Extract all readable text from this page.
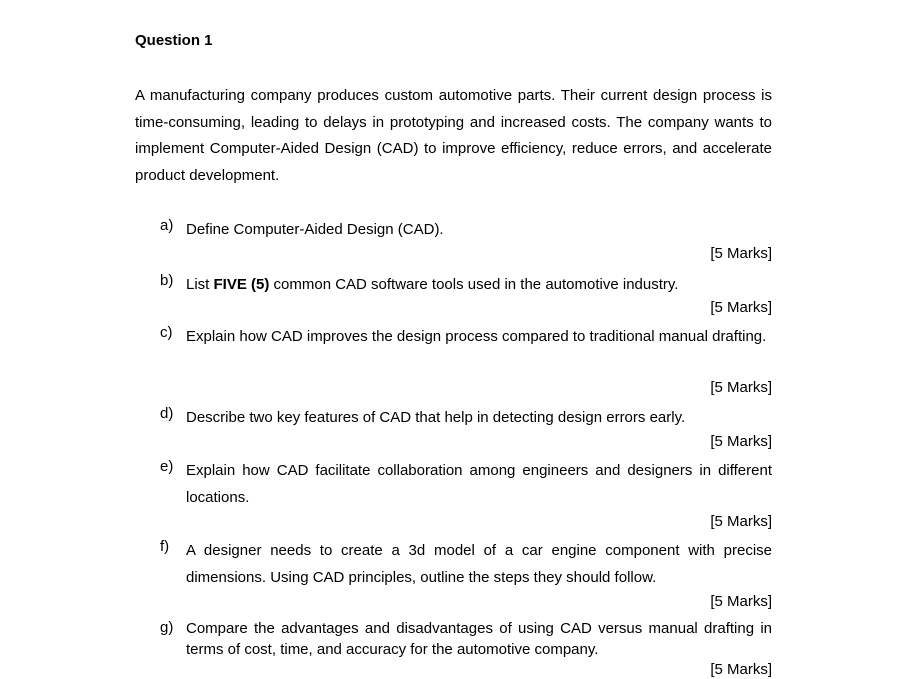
Question 1
A manufacturing company produces custom automotive parts. Their current design process is time-consuming, leading to delays in prototyping and increased costs. The company wants to implement Computer-Aided Design (CAD) to improve efficiency, reduce errors, and accelerate product development.
a) Define Computer-Aided Design (CAD).
[5 Marks]
b) List FIVE (5) common CAD software tools used in the automotive industry.
[5 Marks]
c) Explain how CAD improves the design process compared to traditional manual drafting.
[5 Marks]
d) Describe two key features of CAD that help in detecting design errors early.
[5 Marks]
e) Explain how CAD facilitate collaboration among engineers and designers in different locations.
[5 Marks]
f) A designer needs to create a 3d model of a car engine component with precise dimensions. Using CAD principles, outline the steps they should follow.
[5 Marks]
g) Compare the advantages and disadvantages of using CAD versus manual drafting in terms of cost, time, and accuracy for the automotive company.
[5 Marks]
